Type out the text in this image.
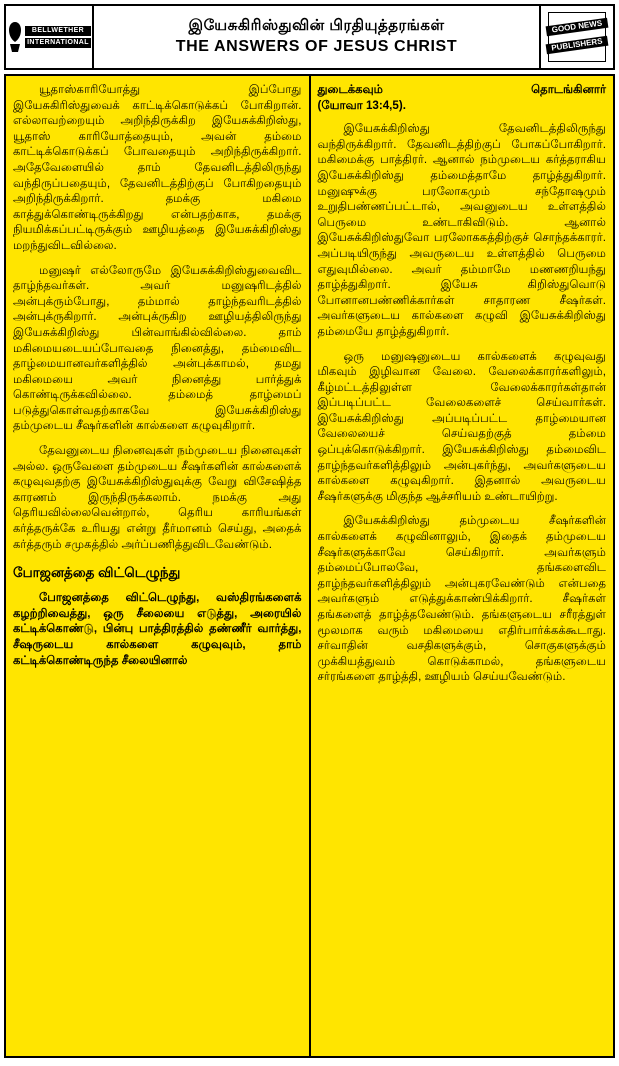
BELLWETHER
INTERNATIONAL
இயேசுகிரிஸ்துவின் பிரதியுத்தரங்கள்
THE ANSWERS OF JESUS CHRIST
GOOD NEWS
PUBLISHERS

யூதாஸ்காரியோத்து இப்போது இயேசுகிரிஸ்துவைக் காட்டிக்கொடுக்கப் போகிறான். எல்லாவற்றையும் அறிந்திருக்கிற இயேசுக்கிறிஸ்து, யூதாஸ் காரியோத்தையும், அவன் தம்மை காட்டிக்கொடுக்கப் போவதையும் அறிந்திருக்கிறார். அதேவேளையில் தாம் தேவனிடத்திலிருந்து வந்திருப்பதையும், தேவனிடத்திற்குப் போகிறதையும் அறிந்திருக்கிறார். தமக்கு மகிமை காத்துக்கொண்டிருக்கிறது என்பதற்காக, தமக்கு நியமிக்கப்பட்டிருக்கும் ஊழியத்தை இயேசுக்கிறிஸ்து மறந்துவிடவில்லை.

மனுஷர் எல்லோருமே இயேசுக்கிறிஸ்துவைவிட தாழ்ந்தவர்கள். அவர் மனுஷரிடத்தில் அன்புக்ரும்போது, தம்மால் தாழ்ந்தவரிடத்தில் அன்புக்ருகிறார். அன்புக்ருகிற ஊழியத்திலிருந்து இயேசுக்கிறிஸ்து பின்வாங்கில்வில்லை. தாம் மகிமையடையப்போவதை நினைத்து, தம்மைவிட தாழ்மையானவர்களித்தில் அன்புக்காமல், தமது மகிமையை அவர் நினைத்து பார்த்துக் கொண்டிருக்கவில்லை. தம்மைத் தாழ்மைப் படுத்துகொள்வதற்காகவே இயேசுக்கிறிஸ்து தம்முடைய சீஷர்களின் கால்களை கழுவுகிறார்.

தேவனுடைய நினைவுகள் நம்முடைய நினைவுகள் அல்ல. ஒருவேளை தம்முடைய சீஷர்களின் கால்களைக் கழுவுவதற்கு இயேசுக்கிறிஸ்துவுக்கு வேறு விசேஷித்த காரணம் இருந்திருக்கலாம். நமக்கு அது தெரியவில்லைவென்றால், தெரிய காரியங்கள் கர்த்தருக்கே உரியது என்று தீர்மானம் செய்து, அதைக் கர்த்தரும் சமுகத்தில் அர்ப்பணித்துவிடவேண்டும்.

போஜனத்தை விட்டெழுந்து

போஜனத்தை விட்டெழுந்து, வஸ்திரங்களைக் கழற்றிவைத்து, ஒரு சீலையை எடுத்து, அரையில் கட்டிக்கொண்டு, பின்பு பாத்திரத்தில் தண்ணீர் வார்த்து, சீஷருடைய கால்களை கழுவுவும், தாம் கட்டிக்கொண்டிருந்த சீலையினால்

துடைக்கவும்	தொடங்கினார்
(யோவா 13:4,5).

இயேசுக்கிறிஸ்து தேவனிடத்திலிருந்து வந்திருக்கிறார். தேவனிடத்திற்குப் போகப்போகிறார். மகிமைக்கு பாத்திரர். ஆனால் நம்முடைய கர்த்தராகிய இயேசுக்கிறிஸ்து தம்மைத்தாமே தாழ்த்துகிறார். மனுஷுக்கு பரலோகமும் சந்தோஷமும் உறுதிபண்ணப்பட்டால், அவனுடைய உள்ளத்தில் பெருமை உண்டாகிவிடும். ஆனால் இயேசுக்கிறிஸ்துவோ பரலோககத்திற்குச் சொந்தக்காரர். அப்படியிருந்து அவருடைய உள்ளத்தில் பெருமை எதுவுமில்லை. அவர் தம்மாமே மணணறியந்து தாழ்த்துகிறார். இயேசு கிறிஸ்துவொடு போனானபண்ணிக்கார்கள் சாதாரண சீஷர்கள். அவர்களுடைய கால்களை கழுவி இயேசுக்கிறிஸ்து தம்மையே தாழ்த்துகிறார்.

ஒரு மனுஷனுடைய கால்களைக் கழுவுவது மிகவும் இழிவான வேலை. வேலைக்காரர்களிலும், கீழ்மட்டத்திலுள்ள வேலைக்காரர்கள்தான் இப்படிப்பட்ட வேலைகளைச் செய்வார்கள். இயேசுக்கிறிஸ்து அப்படிப்பட்ட தாழ்மையான வேலையைச் செய்வதற்குத் தம்மை ஒப்புக்கொடுக்கிறார். இயேசுக்கிறிஸ்து தம்மைவிட தாழ்ந்தவர்களித்திலும் அன்புகர்ந்து, அவர்களுடைய கால்களை கழுவுகிறார். இதனால் அவருடைய சீஷர்களுக்கு மிகுந்த ஆச்சரியம் உண்டாயிற்று.

இயேசுக்கிறிஸ்து தம்முடைய சீஷர்களின் கால்களைக் கழுவினாலும், இதைக் தம்முடைய சீஷர்களுக்காவே செய்கிறார். அவர்களும் தம்மைப்போலவே, தங்களைவிட தாழ்ந்தவர்களித்திலும் அன்புகரவேண்டும் என்பதை அவர்களும் எடுத்துக்காண்பிக்கிறார். சீஷர்கள் தங்களைத் தாழ்த்தவேண்டும். தங்களுடைய சரீரத்துள் மூலமாக வரும் மகிமையை எதிர்பார்க்கக்கூடாது. சர்வாதின் வசதிகளுக்கும், சொகுகளுக்கும் முக்கியத்துவம் கொடுக்காமல், தங்களுடைய சர்ரங்களை தாழ்த்தி, ஊழியம் செய்யவேண்டும்.
